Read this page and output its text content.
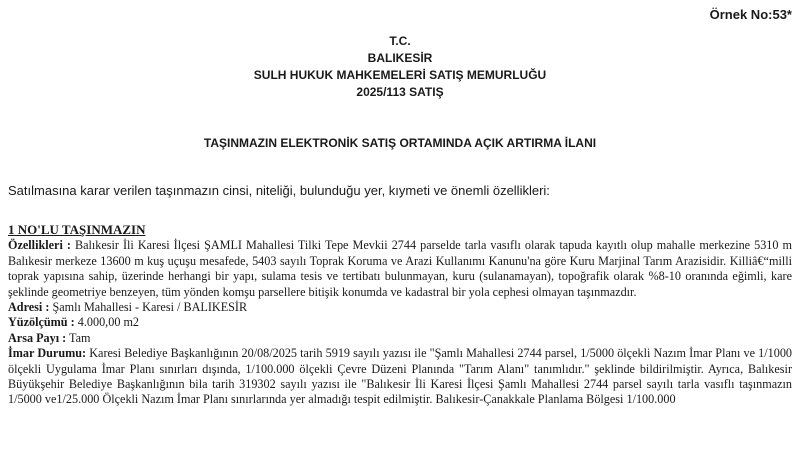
Örnek No:53*
T.C.
BALIKESİR
SULH HUKUK MAHKEMELERİ SATIŞ MEMURLUĞU
2025/113 SATIŞ
TAŞINMAZIN ELEKTRONİK SATIŞ ORTAMINDA AÇIK ARTIRMA İLANI
Satılmasına karar verilen taşınmazın cinsi, niteliği, bulunduğu yer, kıymeti ve önemli özellikleri:
1 NO'LU TAŞINMAZIN

Özellikleri : Balıkesir İli Karesi İlçesi ŞAMLI Mahallesi Tilki Tepe Mevkii 2744 parselde tarla vasıflı olarak tapuda kayıtlı olup mahalle merkezine 5310 m Balıkesir merkeze 13600 m kuş uçuşu mesafede, 5403 sayılı Toprak Koruma ve Arazi Kullanımı Kanunu'na göre Kuru Marjinal Tarım Arazisidir. Killiâ€“milli toprak yapısına sahip, üzerinde herhangi bir yapı, sulama tesis ve tertibatı bulunmayan, kuru (sulanamayan), topoğrafik olarak %8-10 oranında eğimli, kare şeklinde geometriye benzeyen, tüm yönden komşu parsellere bitişik konumda ve kadastral bir yola cephesi olmayan taşınmazdır.

Adresi : Şamlı Mahallesi - Karesi / BALIKESİR

Yüzölçümü : 4.000,00 m2

Arsa Payı : Tam

İmar Durumu: Karesi Belediye Başkanlığının 20/08/2025 tarih 5919 sayılı yazısı ile "Şamlı Mahallesi 2744 parsel, 1/5000 ölçekli Nazım İmar Planı ve 1/1000 ölçekli Uygulama İmar Planı sınırları dışında, 1/100.000 ölçekli Çevre Düzeni Planında "Tarım Alanı" tanımlıdır." şeklinde bildirilmiştir. Ayrıca, Balıkesir Büyükşehir Belediye Başkanlığının bila tarih 319302 sayılı yazısı ile "Balıkesir İli Karesi İlçesi Şamlı Mahallesi 2744 parsel sayılı tarla vasıflı taşınmazın 1/5000 ve1/25.000 Ölçekli Nazım İmar Planı sınırlarında yer almadığı tespit edilmiştir. Balıkesir-Çanakkale Planlama Bölgesi 1/100.000
